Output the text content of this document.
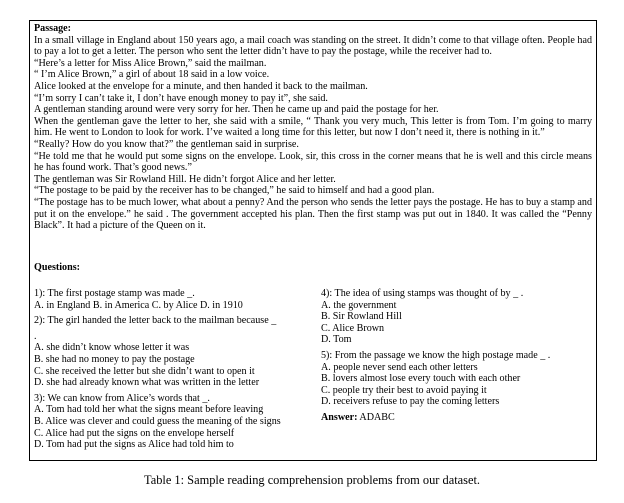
Passage:

In a small village in England about 150 years ago, a mail coach was standing on the street. It didn’t come to that village often. People had to pay a lot to get a letter. The person who sent the letter didn’t have to pay the postage, while the receiver had to.

“Here’s a letter for Miss Alice Brown,” said the mailman.

“ I’m Alice Brown,” a girl of about 18 said in a low voice.

Alice looked at the envelope for a minute, and then handed it back to the mailman.

“I’m sorry I can’t take it, I don’t have enough money to pay it”, she said.

A gentleman standing around were very sorry for her. Then he came up and paid the postage for her.

When the gentleman gave the letter to her, she said with a smile, “ Thank you very much, This letter is from Tom. I’m going to marry him. He went to London to look for work. I’ve waited a long time for this letter, but now I don’t need it, there is nothing in it.”

“Really? How do you know that?” the gentleman said in surprise.

“He told me that he would put some signs on the envelope. Look, sir, this cross in the corner means that he is well and this circle means he has found work. That’s good news.”

The gentleman was Sir Rowland Hill. He didn’t forgot Alice and her letter.

“The postage to be paid by the receiver has to be changed,” he said to himself and had a good plan.

“The postage has to be much lower, what about a penny? And the person who sends the letter pays the postage. He has to buy a stamp and put it on the envelope.” he said . The government accepted his plan. Then the first stamp was put out in 1840. It was called the “Penny Black”. It had a picture of the Queen on it.

Questions:

1): The first postage stamp was made _.

A. in England B. in America C. by Alice D. in 1910

2): The girl handed the letter back to the mailman because _

.

A. she didn’t know whose letter it was

B. she had no money to pay the postage

C. she received the letter but she didn’t want to open it

D. she had already known what was written in the letter

3): We can know from Alice’s words that _.

A. Tom had told her what the signs meant before leaving

B. Alice was clever and could guess the meaning of the signs

C. Alice had put the signs on the envelope herself

D. Tom had put the signs as Alice had told him to

4): The idea of using stamps was thought of by _ .

A. the government

B. Sir Rowland Hill

C. Alice Brown

D. Tom

5): From the passage we know the high postage made _ .

A. people never send each other letters

B. lovers almost lose every touch with each other

C. people try their best to avoid paying it

D. receivers refuse to pay the coming letters

Answer: ADABC

Table 1: Sample reading comprehension problems from our dataset.
